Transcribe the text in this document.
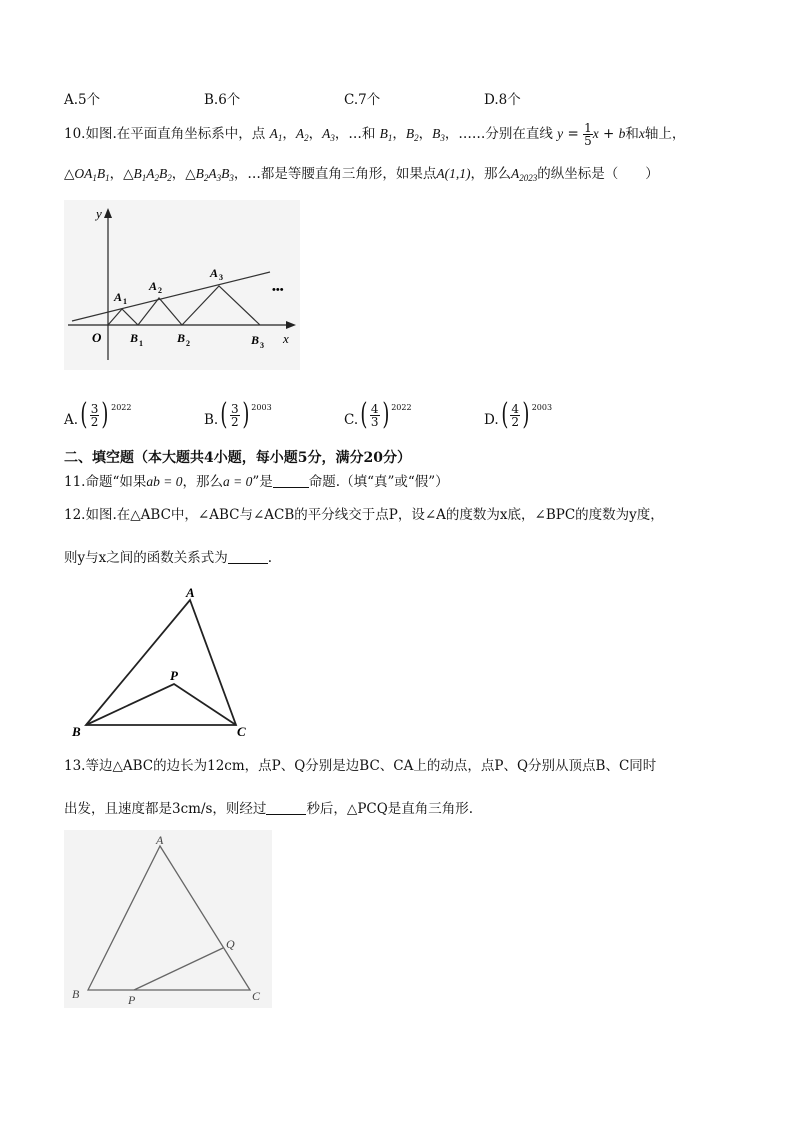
A.5个	B.6个	C.7个	D.8个
10.如图.在平面直角坐标系中，点 $A_1$，$A_2$，$A_3$，…和 $B_1$，$B_2$，$B_3$，……分别在直线 $y = \frac{1}{5}$ x + b和x轴上，
$\triangle OA_1B_1$，$\triangle B_1A_2B_2$，$\triangle B_2A_3B_3$，…都是等腰直角三角形，如果点A(1,1)，那么$A_{2023}$的纵坐标是（　　）
y
x
O
A 1
A 2
A 3
B 1	B 2	B 3
•••
A. ( $\frac{3}{2}$ ) $^{2022}$
B. ( $\frac{3}{2}$ ) $^{2003}$
C. ( $\frac{4}{3}$ ) $^{2022}$
D. ( $\frac{4}{2}$ ) $^{2003}$
二、填空题（本大题共4小题，每小题5分，满分20分）
11.命题“如果ab = 0，那么a = 0”是	命题.（填“真”或“假”）
12.如图.在△ABC中，∠ABC与∠ACB的平分线交于点P，设∠A的度数为x底，∠BPC的度数为y度，
则y与x之间的函数关系式为	.
A
B	C
P
13.等边△ABC的边长为12cm，点P、Q分别是边BC、CA上的动点，点P、Q分别从顶点B、C同时
出发，且速度都是3cm/s，则经过	秒后，△PCQ是直角三角形.
A
B	C
P
Q
